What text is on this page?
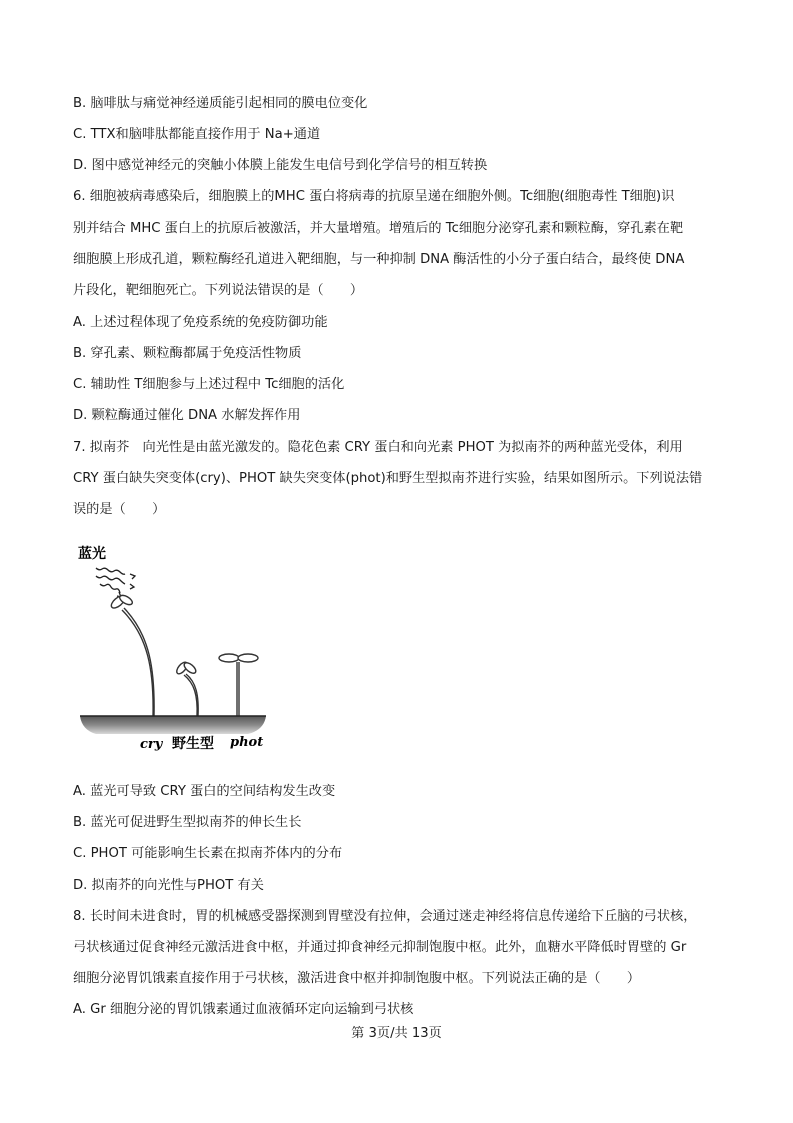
B. 脑啡肽与痛觉神经递质能引起相同的膜电位变化
C. TTX和脑啡肽都能直接作用于 Na+通道
D. 图中感觉神经元的突触小体膜上能发生电信号到化学信号的相互转换
6. 细胞被病毒感染后，细胞膜上的MHC 蛋白将病毒的抗原呈递在细胞外侧。Tc细胞(细胞毒性 T细胞)识
别并结合 MHC 蛋白上的抗原后被激活，并大量增殖。增殖后的 Tc细胞分泌穿孔素和颗粒酶，穿孔素在靶
细胞膜上形成孔道，颗粒酶经孔道进入靶细胞，与一种抑制 DNA 酶活性的小分子蛋白结合，最终使 DNA
片段化，靶细胞死亡。下列说法错误的是（　　）
A. 上述过程体现了免疫系统的免疫防御功能
B. 穿孔素、颗粒酶都属于免疫活性物质
C. 辅助性 T细胞参与上述过程中 Tc细胞的活化
D. 颗粒酶通过催化 DNA 水解发挥作用
7. 拟南芥　向光性是由蓝光激发的。隐花色素 CRY 蛋白和向光素 PHOT 为拟南芥的两种蓝光受体，利用
CRY 蛋白缺失突变体(cry)、PHOT 缺失突变体(phot)和野生型拟南芥进行实验，结果如图所示。下列说法错
误的是（　　）
蓝光
cry 野生型 phot
A. 蓝光可导致 CRY 蛋白的空间结构发生改变
B. 蓝光可促进野生型拟南芥的伸长生长
C. PHOT 可能影响生长素在拟南芥体内的分布
D. 拟南芥的向光性与PHOT 有关
8. 长时间未进食时，胃的机械感受器探测到胃壁没有拉伸，会通过迷走神经将信息传递给下丘脑的弓状核，
弓状核通过促食神经元激活进食中枢，并通过抑食神经元抑制饱腹中枢。此外，血糖水平降低时胃壁的 Gr
细胞分泌胃饥饿素直接作用于弓状核，激活进食中枢并抑制饱腹中枢。下列说法正确的是（　　）
A. Gr 细胞分泌的胃饥饿素通过血液循环定向运输到弓状核
第 3页/共 13页
